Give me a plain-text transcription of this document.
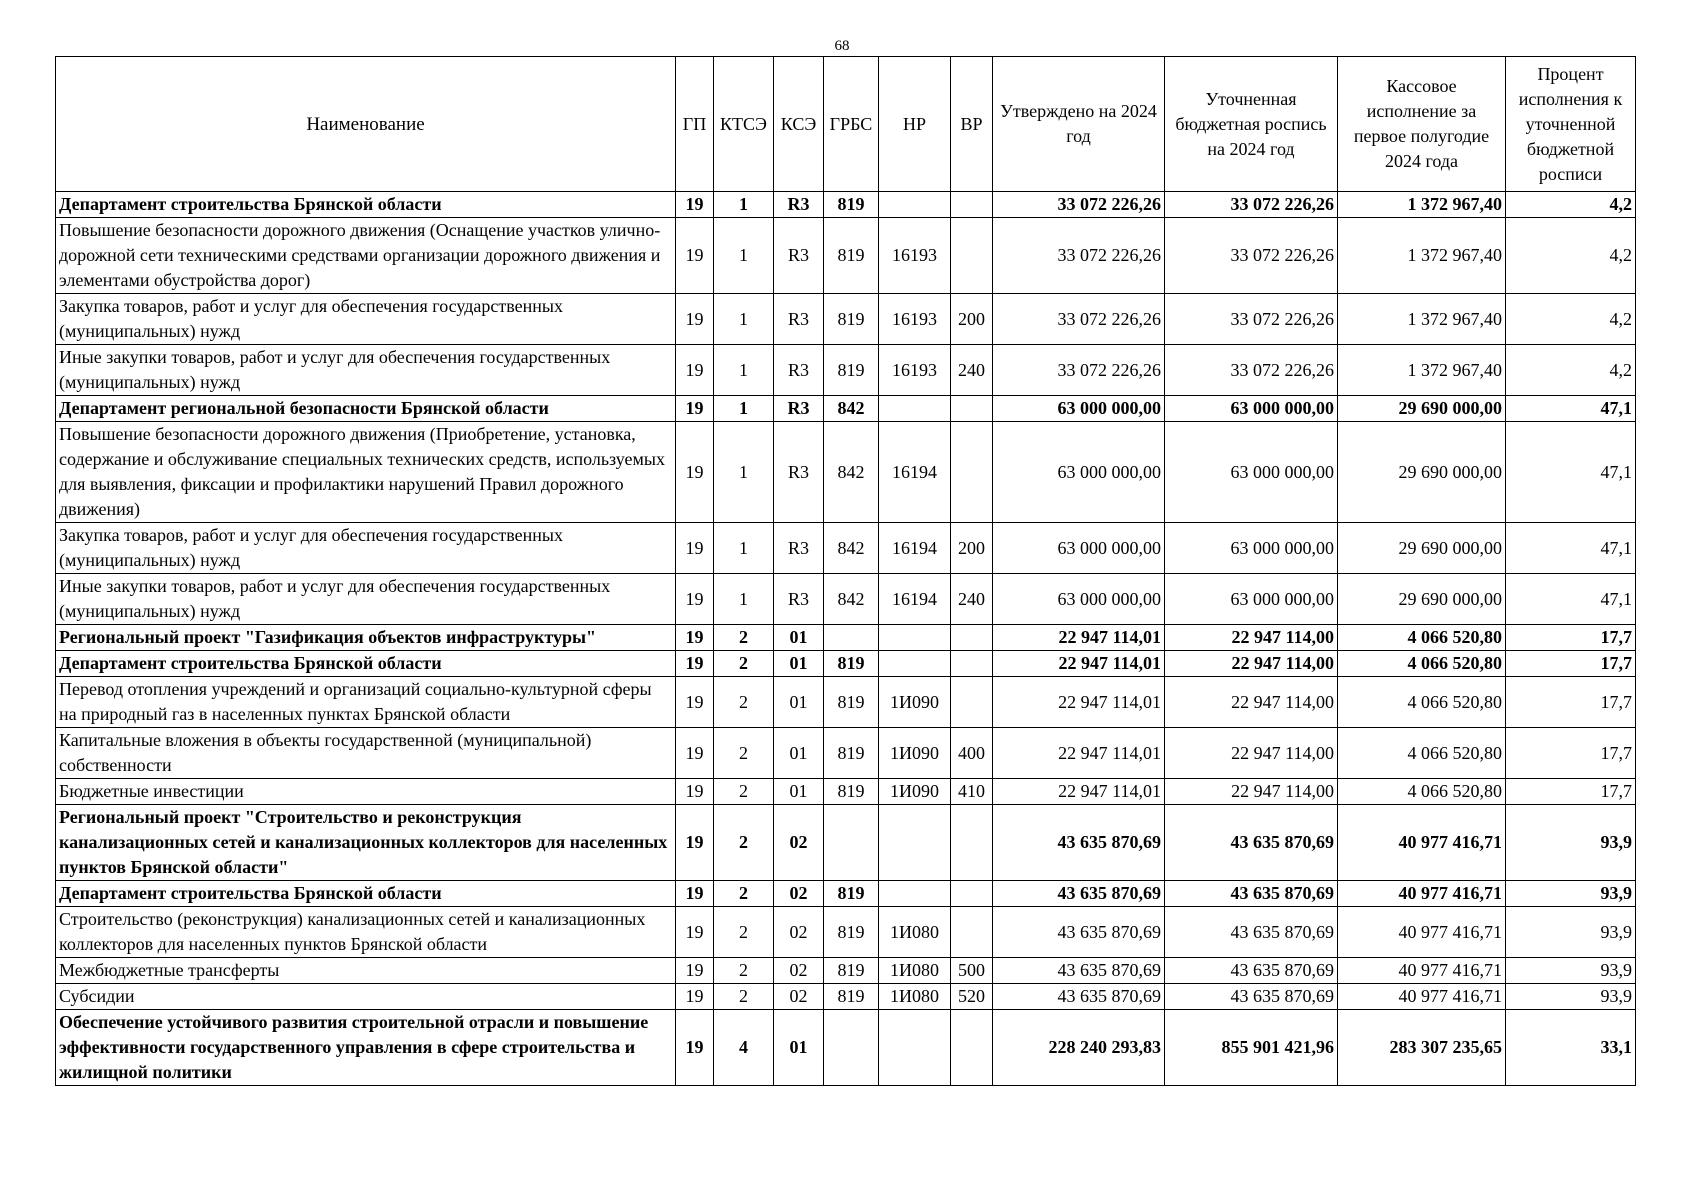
68
Наименование	ГП	КТСЭ	КСЭ	ГРБС	НР	ВР	Утверждено на 2024 год	Уточненная бюджетная роспись на 2024 год	Кассовое исполнение за первое полугодие 2024 года	Процент исполнения к уточненной бюджетной росписи
Департамент строительства Брянской области	19	1	R3	819			33 072 226,26	33 072 226,26	1 372 967,40	4,2
Повышение безопасности дорожного движения (Оснащение участков улично-дорожной сети техническими средствами организации дорожного движения и элементами обустройства дорог)	19	1	R3	819	16193		33 072 226,26	33 072 226,26	1 372 967,40	4,2
Закупка товаров, работ и услуг для обеспечения государственных (муниципальных) нужд	19	1	R3	819	16193	200	33 072 226,26	33 072 226,26	1 372 967,40	4,2
Иные закупки товаров, работ и услуг для обеспечения государственных (муниципальных) нужд	19	1	R3	819	16193	240	33 072 226,26	33 072 226,26	1 372 967,40	4,2
Департамент региональной безопасности Брянской области	19	1	R3	842			63 000 000,00	63 000 000,00	29 690 000,00	47,1
Повышение безопасности дорожного движения (Приобретение, установка, содержание и обслуживание специальных технических средств, используемых для выявления, фиксации и профилактики нарушений Правил дорожного движения)	19	1	R3	842	16194		63 000 000,00	63 000 000,00	29 690 000,00	47,1
Закупка товаров, работ и услуг для обеспечения государственных (муниципальных) нужд	19	1	R3	842	16194	200	63 000 000,00	63 000 000,00	29 690 000,00	47,1
Иные закупки товаров, работ и услуг для обеспечения государственных (муниципальных) нужд	19	1	R3	842	16194	240	63 000 000,00	63 000 000,00	29 690 000,00	47,1
Региональный проект "Газификация объектов инфраструктуры"	19	2	01				22 947 114,01	22 947 114,00	4 066 520,80	17,7
Департамент строительства Брянской области	19	2	01	819			22 947 114,01	22 947 114,00	4 066 520,80	17,7
Перевод отопления учреждений и организаций социально-культурной сферы на природный газ в населенных пунктах Брянской области	19	2	01	819	1И090		22 947 114,01	22 947 114,00	4 066 520,80	17,7
Капитальные вложения в объекты государственной (муниципальной) собственности	19	2	01	819	1И090	400	22 947 114,01	22 947 114,00	4 066 520,80	17,7
Бюджетные инвестиции	19	2	01	819	1И090	410	22 947 114,01	22 947 114,00	4 066 520,80	17,7
Региональный проект "Строительство и реконструкция канализационных сетей и канализационных коллекторов для населенных пунктов Брянской области"	19	2	02				43 635 870,69	43 635 870,69	40 977 416,71	93,9
Департамент строительства Брянской области	19	2	02	819			43 635 870,69	43 635 870,69	40 977 416,71	93,9
Строительство (реконструкция) канализационных сетей и канализационных коллекторов для населенных пунктов Брянской области	19	2	02	819	1И080		43 635 870,69	43 635 870,69	40 977 416,71	93,9
Межбюджетные трансферты	19	2	02	819	1И080	500	43 635 870,69	43 635 870,69	40 977 416,71	93,9
Субсидии	19	2	02	819	1И080	520	43 635 870,69	43 635 870,69	40 977 416,71	93,9
Обеспечение устойчивого развития строительной отрасли и повышение эффективности государственного управления в сфере строительства и жилищной политики	19	4	01				228 240 293,83	855 901 421,96	283 307 235,65	33,1
